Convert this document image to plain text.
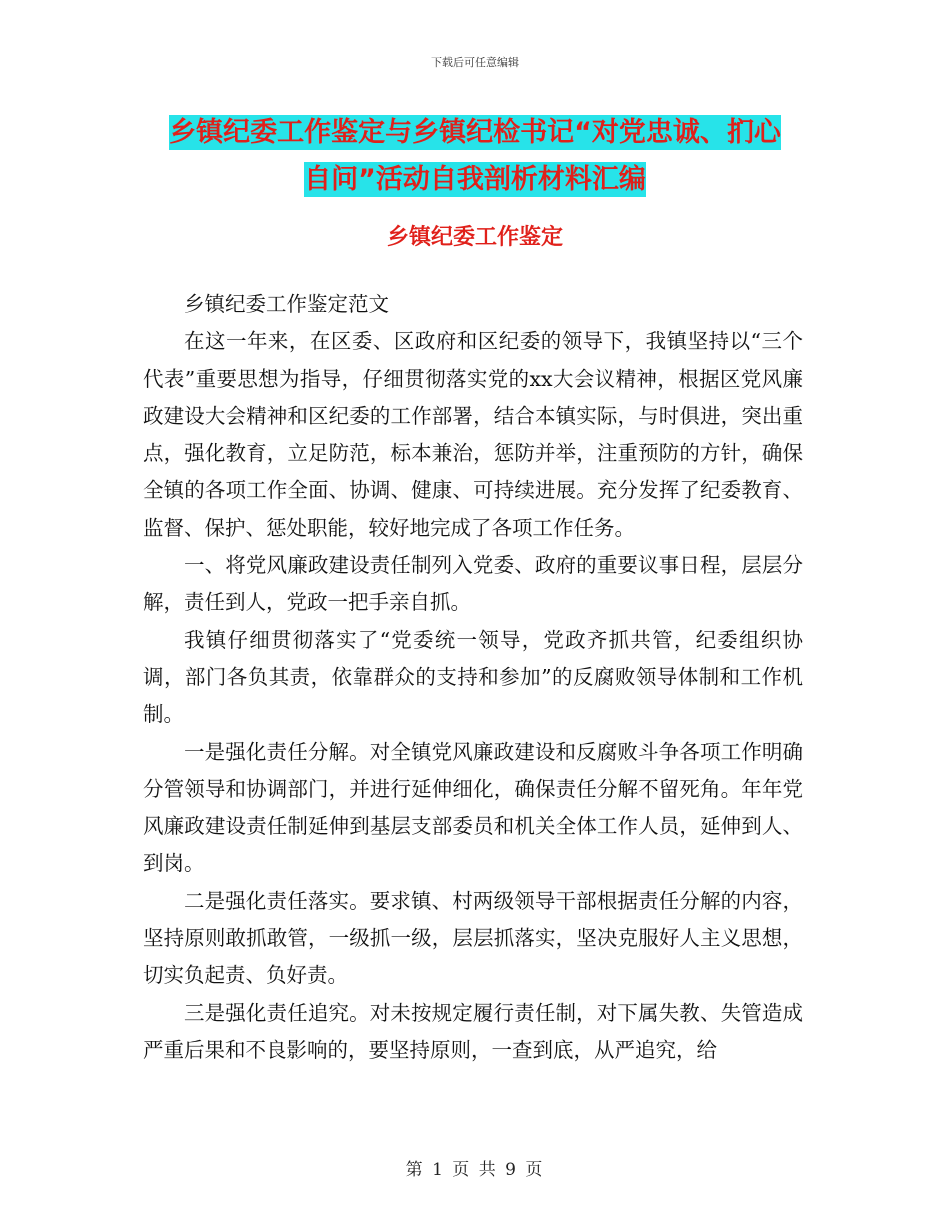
下载后可任意编辑
乡镇纪委工作鉴定与乡镇纪检书记“对党忠诚、扪心
自问”活动自我剖析材料汇编
乡镇纪委工作鉴定

乡镇纪委工作鉴定范文

在这一年来，在区委、区政府和区纪委的领导下，我镇坚持以“三个代表”重要思想为指导，仔细贯彻落实党的xx大会议精神，根据区党风廉政建设大会精神和区纪委的工作部署，结合本镇实际，与时俱进，突出重点，强化教育，立足防范，标本兼治，惩防并举，注重预防的方针，确保全镇的各项工作全面、协调、健康、可持续进展。充分发挥了纪委教育、监督、保护、惩处职能，较好地完成了各项工作任务。

一、将党风廉政建设责任制列入党委、政府的重要议事日程，层层分解，责任到人，党政一把手亲自抓。

我镇仔细贯彻落实了“党委统一领导，党政齐抓共管，纪委组织协调，部门各负其责，依靠群众的支持和参加”的反腐败领导体制和工作机制。

一是强化责任分解。对全镇党风廉政建设和反腐败斗争各项工作明确分管领导和协调部门，并进行延伸细化，确保责任分解不留死角。年年党风廉政建设责任制延伸到基层支部委员和机关全体工作人员，延伸到人、到岗。

二是强化责任落实。要求镇、村两级领导干部根据责任分解的内容，坚持原则敢抓敢管，一级抓一级，层层抓落实，坚决克服好人主义思想，切实负起责、负好责。

三是强化责任追究。对未按规定履行责任制，对下属失教、失管造成严重后果和不良影响的，要坚持原则，一查到底，从严追究，给

第 1 页 共 9 页
